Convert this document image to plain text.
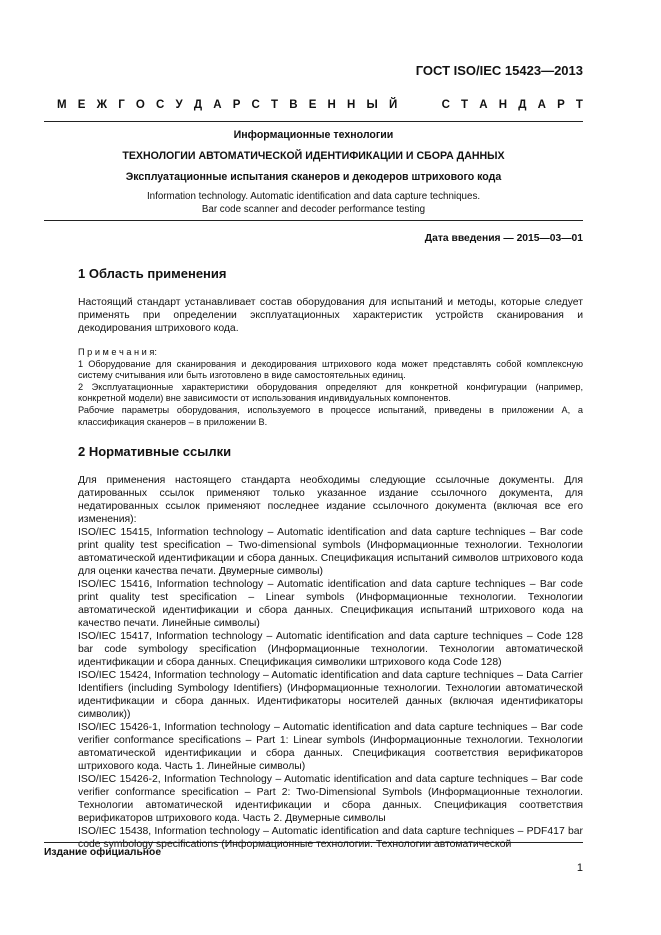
ГОСТ ISO/IEC 15423—2013
М Е Ж Г О С У Д А Р С Т В Е Н Н Ы Й	С Т А Н Д А Р Т
Информационные технологии
ТЕХНОЛОГИИ АВТОМАТИЧЕСКОЙ ИДЕНТИФИКАЦИИ И СБОРА ДАННЫХ
Эксплуатационные испытания сканеров и декодеров штрихового кода
Information technology. Automatic identification and data capture techniques.
Bar code scanner and decoder performance testing
Дата введения — 2015—03—01
1 Область применения

Настоящий стандарт устанавливает состав оборудования для испытаний и методы, которые следует применять при определении эксплуатационных характеристик устройств сканирования и декодирования штрихового кода.

П р и м е ч а н и я:

1 Оборудование для сканирования и декодирования штрихового кода может представлять собой комплексную систему считывания или быть изготовлено в виде самостоятельных единиц.

2 Эксплуатационные характеристики оборудования определяют для конкретной конфигурации (например, конкретной модели) вне зависимости от использования индивидуальных компонентов.

Рабочие параметры оборудования, используемого в процессе испытаний, приведены в приложении А, а классификация сканеров – в приложении В.

2 Нормативные ссылки

Для применения настоящего стандарта необходимы следующие ссылочные документы. Для датированных ссылок применяют только указанное издание ссылочного документа, для недатированных ссылок применяют последнее издание ссылочного документа (включая все его изменения):

ISO/IEC 15415, Information technology – Automatic identification and data capture techniques – Bar code print quality test specification – Two-dimensional symbols (Информационные технологии. Технологии автоматической идентификации и сбора данных. Спецификация испытаний символов штрихового кода для оценки качества печати. Двумерные символы)

ISO/IEC 15416, Information technology – Automatic identification and data capture techniques – Bar code print quality test specification – Linear symbols (Информационные технологии. Технологии автоматической идентификации и сбора данных. Спецификация испытаний штрихового кода на качество печати. Линейные символы)

ISO/IEC 15417, Information technology – Automatic identification and data capture techniques – Code 128 bar code symbology specification (Информационные технологии. Технологии автоматической идентификации и сбора данных. Спецификация символики штрихового кода Code 128)

ISO/IEC 15424, Information technology – Automatic identification and data capture techniques – Data Carrier Identifiers (including Symbology Identifiers) (Информационные технологии. Технологии автоматической идентификации и сбора данных. Идентификаторы носителей данных (включая идентификаторы символик))

ISO/IEC 15426-1, Information technology – Automatic identification and data capture techniques – Bar code verifier conformance specifications – Part 1: Linear symbols (Информационные технологии. Технологии автоматической идентификации и сбора данных. Спецификация соответствия верификаторов штрихового кода. Часть 1. Линейные символы)

ISO/IEC 15426-2, Information Technology – Automatic identification and data capture techniques – Bar code verifier conformance specification – Part 2: Two-Dimensional Symbols (Информационные технологии. Технологии автоматической идентификации и сбора данных. Спецификация соответствия верификаторов штрихового кода. Часть 2. Двумерные символы

ISO/IEC 15438, Information technology – Automatic identification and data capture techniques – PDF417 bar code symbology specifications (Информационные технологии. Технологии автоматической

Издание официальное
1
